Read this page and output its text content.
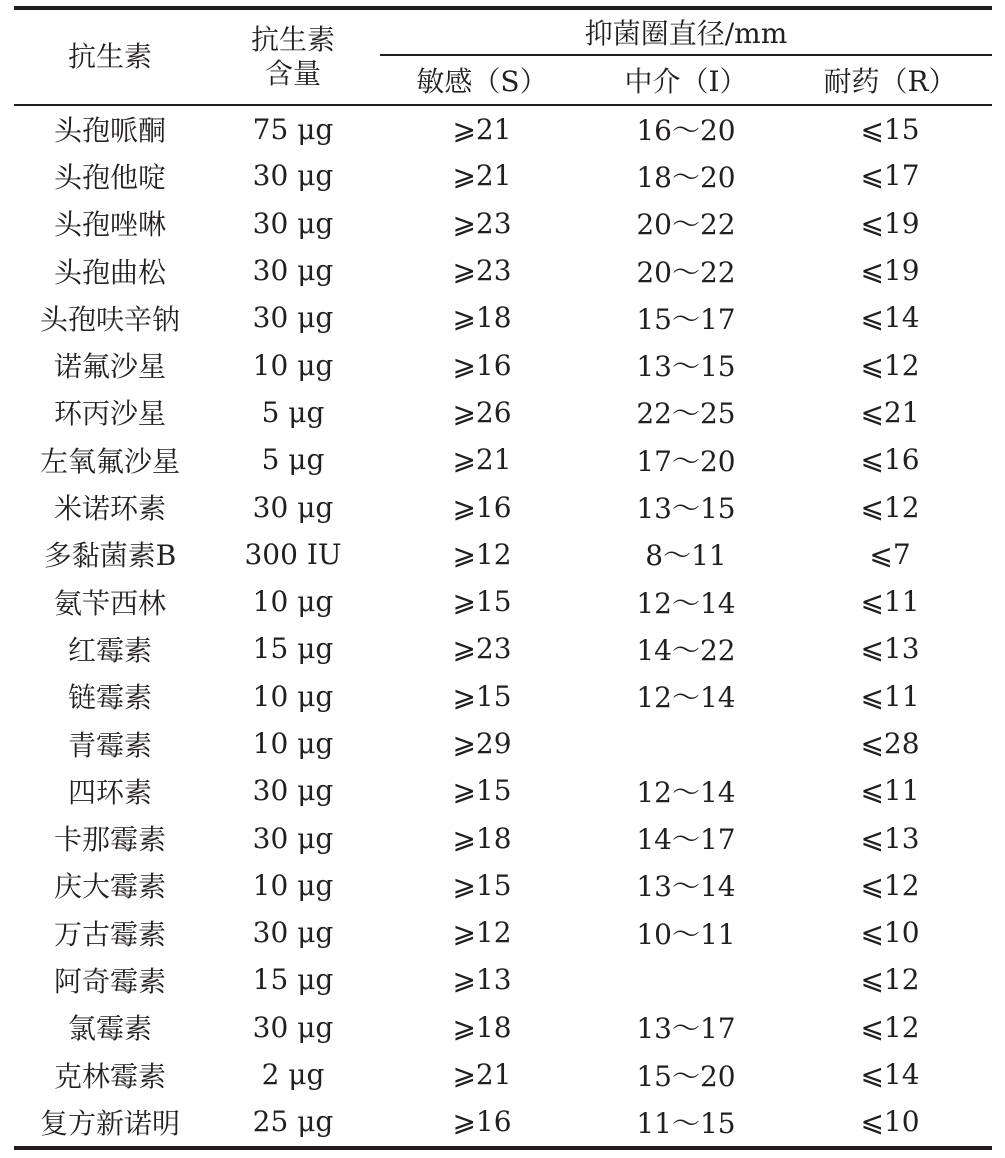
抗生素	抗生素含量	抑菌圈直径/mm		

		敏感（S）	中介（I）	耐药（R）
头孢哌酮	75 μg	⩾21	16～20	⩽15
头孢他啶	30 μg	⩾21	18～20	⩽17
头孢唑啉	30 μg	⩾23	20～22	⩽19
头孢曲松	30 μg	⩾23	20～22	⩽19
头孢呋辛钠	30 μg	⩾18	15～17	⩽14
诺氟沙星	10 μg	⩾16	13～15	⩽12
环丙沙星	5 μg	⩾26	22～25	⩽21
左氧氟沙星	5 μg	⩾21	17～20	⩽16
米诺环素	30 μg	⩾16	13～15	⩽12
多黏菌素B	300 IU	⩾12	8～11	⩽7
氨苄西林	10 μg	⩾15	12～14	⩽11
红霉素	15 μg	⩾23	14～22	⩽13
链霉素	10 μg	⩾15	12～14	⩽11
青霉素	10 μg	⩾29		⩽28
四环素	30 μg	⩾15	12～14	⩽11
卡那霉素	30 μg	⩾18	14～17	⩽13
庆大霉素	10 μg	⩾15	13～14	⩽12
万古霉素	30 μg	⩾12	10～11	⩽10
阿奇霉素	15 μg	⩾13		⩽12
氯霉素	30 μg	⩾18	13～17	⩽12
克林霉素	2 μg	⩾21	15～20	⩽14
复方新诺明	25 μg	⩾16	11～15	⩽10
